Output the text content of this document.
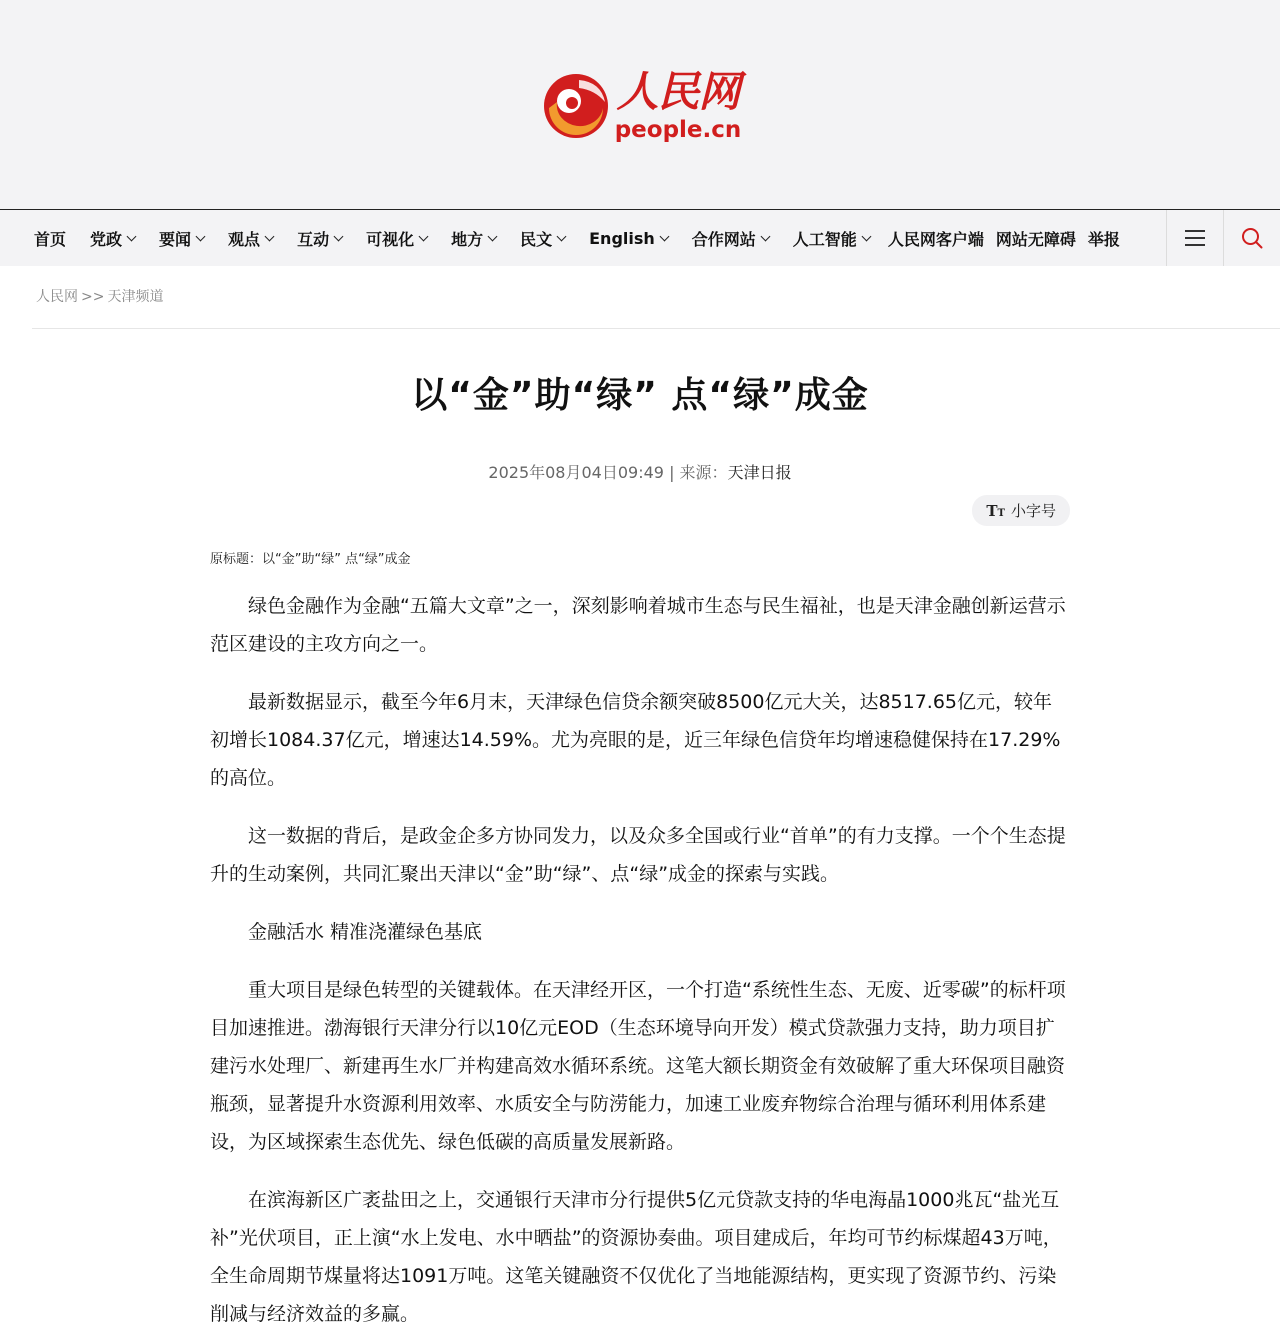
人民网
people.cn
首页 党政 要闻 观点 互动 可视化 地方 民文 English 合作网站 人工智能 人民网客户端 网站无障碍 举报
人民网 >> 天津频道
以“金”助“绿” 点“绿”成金
2025年08月04日09:49 | 来源：天津日报
TT 小字号
原标题：以“金”助“绿” 点“绿”成金

绿色金融作为金融“五篇大文章”之一，深刻影响着城市生态与民生福祉，也是天津金融创新运营示范区建设的主攻方向之一。

最新数据显示，截至今年6月末，天津绿色信贷余额突破8500亿元大关，达8517.65亿元，较年初增长1084.37亿元，增速达14.59%。尤为亮眼的是，近三年绿色信贷年均增速稳健保持在17.29%的高位。

这一数据的背后，是政金企多方协同发力，以及众多全国或行业“首单”的有力支撑。一个个生态提升的生动案例，共同汇聚出天津以“金”助“绿”、点“绿”成金的探索与实践。

金融活水 精准浇灌绿色基底

重大项目是绿色转型的关键载体。在天津经开区，一个打造“系统性生态、无废、近零碳”的标杆项目加速推进。渤海银行天津分行以10亿元EOD（生态环境导向开发）模式贷款强力支持，助力项目扩建污水处理厂、新建再生水厂并构建高效水循环系统。这笔大额长期资金有效破解了重大环保项目融资瓶颈，显著提升水资源利用效率、水质安全与防涝能力，加速工业废弃物综合治理与循环利用体系建设，为区域探索生态优先、绿色低碳的高质量发展新路。

在滨海新区广袤盐田之上，交通银行天津市分行提供5亿元贷款支持的华电海晶1000兆瓦“盐光互补”光伏项目，正上演“水上发电、水中晒盐”的资源协奏曲。项目建成后，年均可节约标煤超43万吨，全生命周期节煤量将达1091万吨。这笔关键融资不仅优化了当地能源结构，更实现了资源节约、污染削减与经济效益的多赢。
